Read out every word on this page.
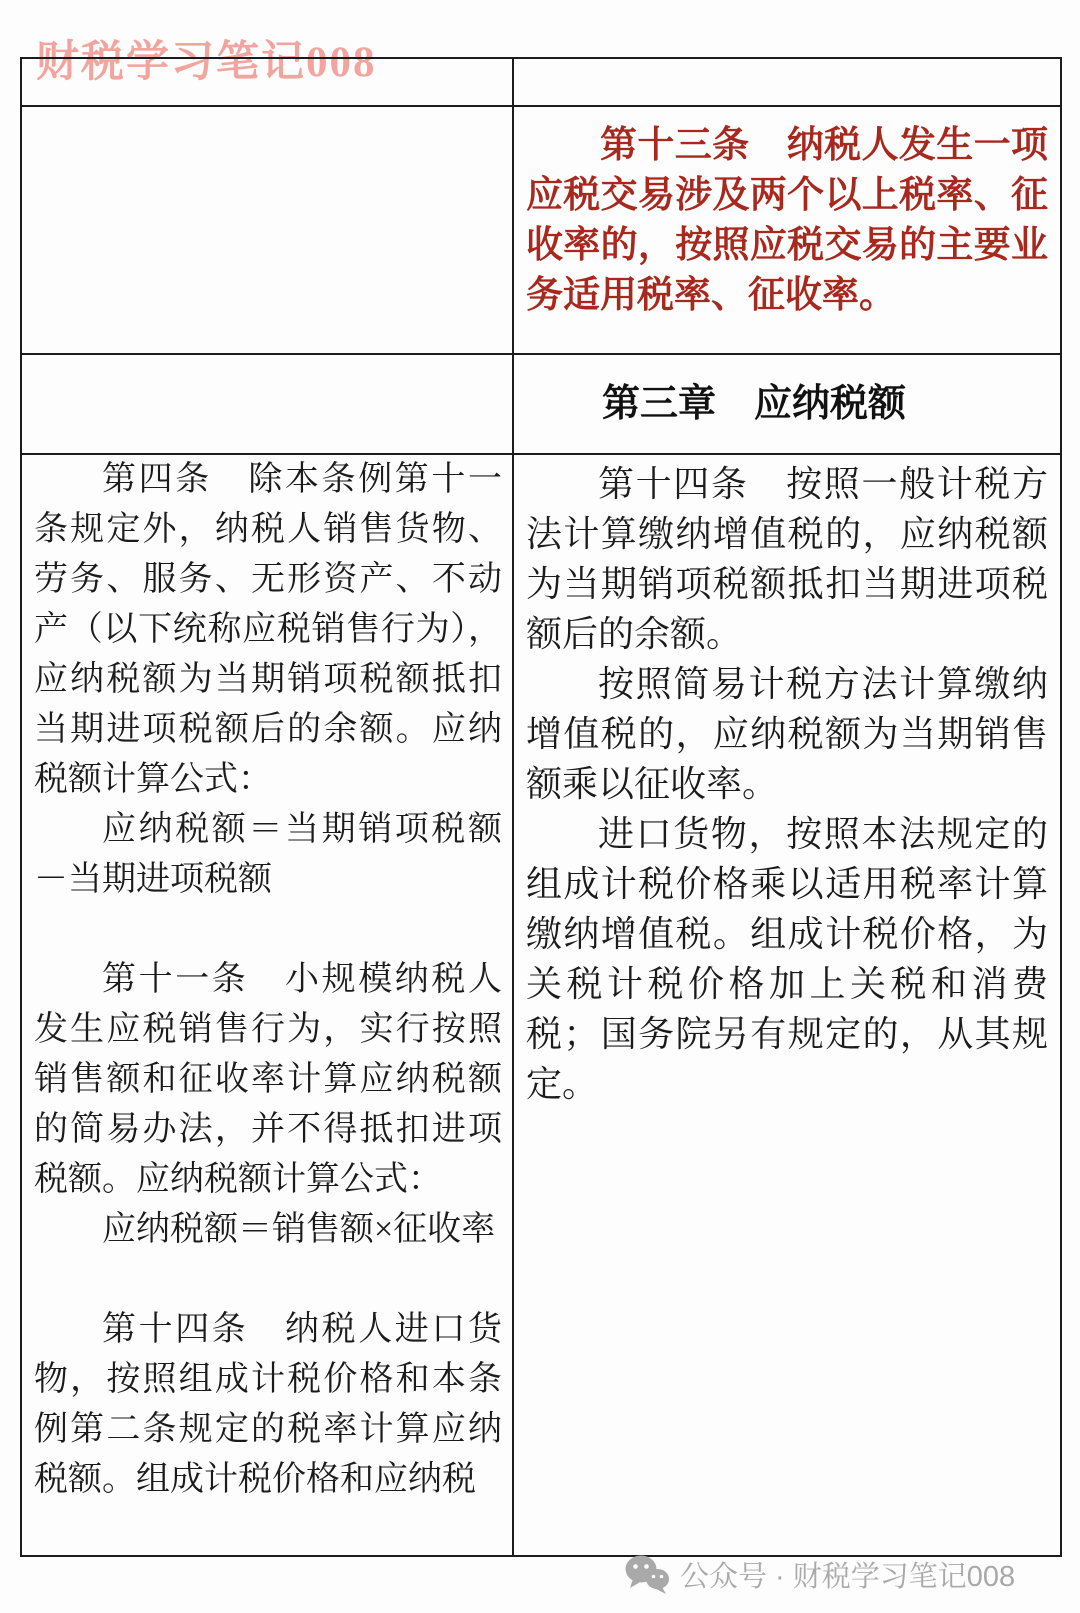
财税学习笔记008

第十三条　纳税人发生一项应税交易涉及两个以上税率、征收率的，按照应税交易的主要业务适用税率、征收率。

第三章　应纳税额

第四条　除本条例第十一条规定外，纳税人销售货物、劳务、服务、无形资产、不动产（以下统称应税销售行为），应纳税额为当期销项税额抵扣当期进项税额后的余额。应纳税额计算公式：

应纳税额＝当期销项税额－当期进项税额

第十一条　小规模纳税人发生应税销售行为，实行按照销售额和征收率计算应纳税额的简易办法，并不得抵扣进项税额。应纳税额计算公式：

应纳税额＝销售额×征收率

第十四条　纳税人进口货物，按照组成计税价格和本条例第二条规定的税率计算应纳税额。组成计税价格和应纳税

第十四条　按照一般计税方法计算缴纳增值税的，应纳税额为当期销项税额抵扣当期进项税额后的余额。

按照简易计税方法计算缴纳增值税的，应纳税额为当期销售额乘以征收率。

进口货物，按照本法规定的组成计税价格乘以适用税率计算缴纳增值税。组成计税价格，为关税计税价格加上关税和消费税；国务院另有规定的，从其规定。

公众号 · 财税学习笔记008
